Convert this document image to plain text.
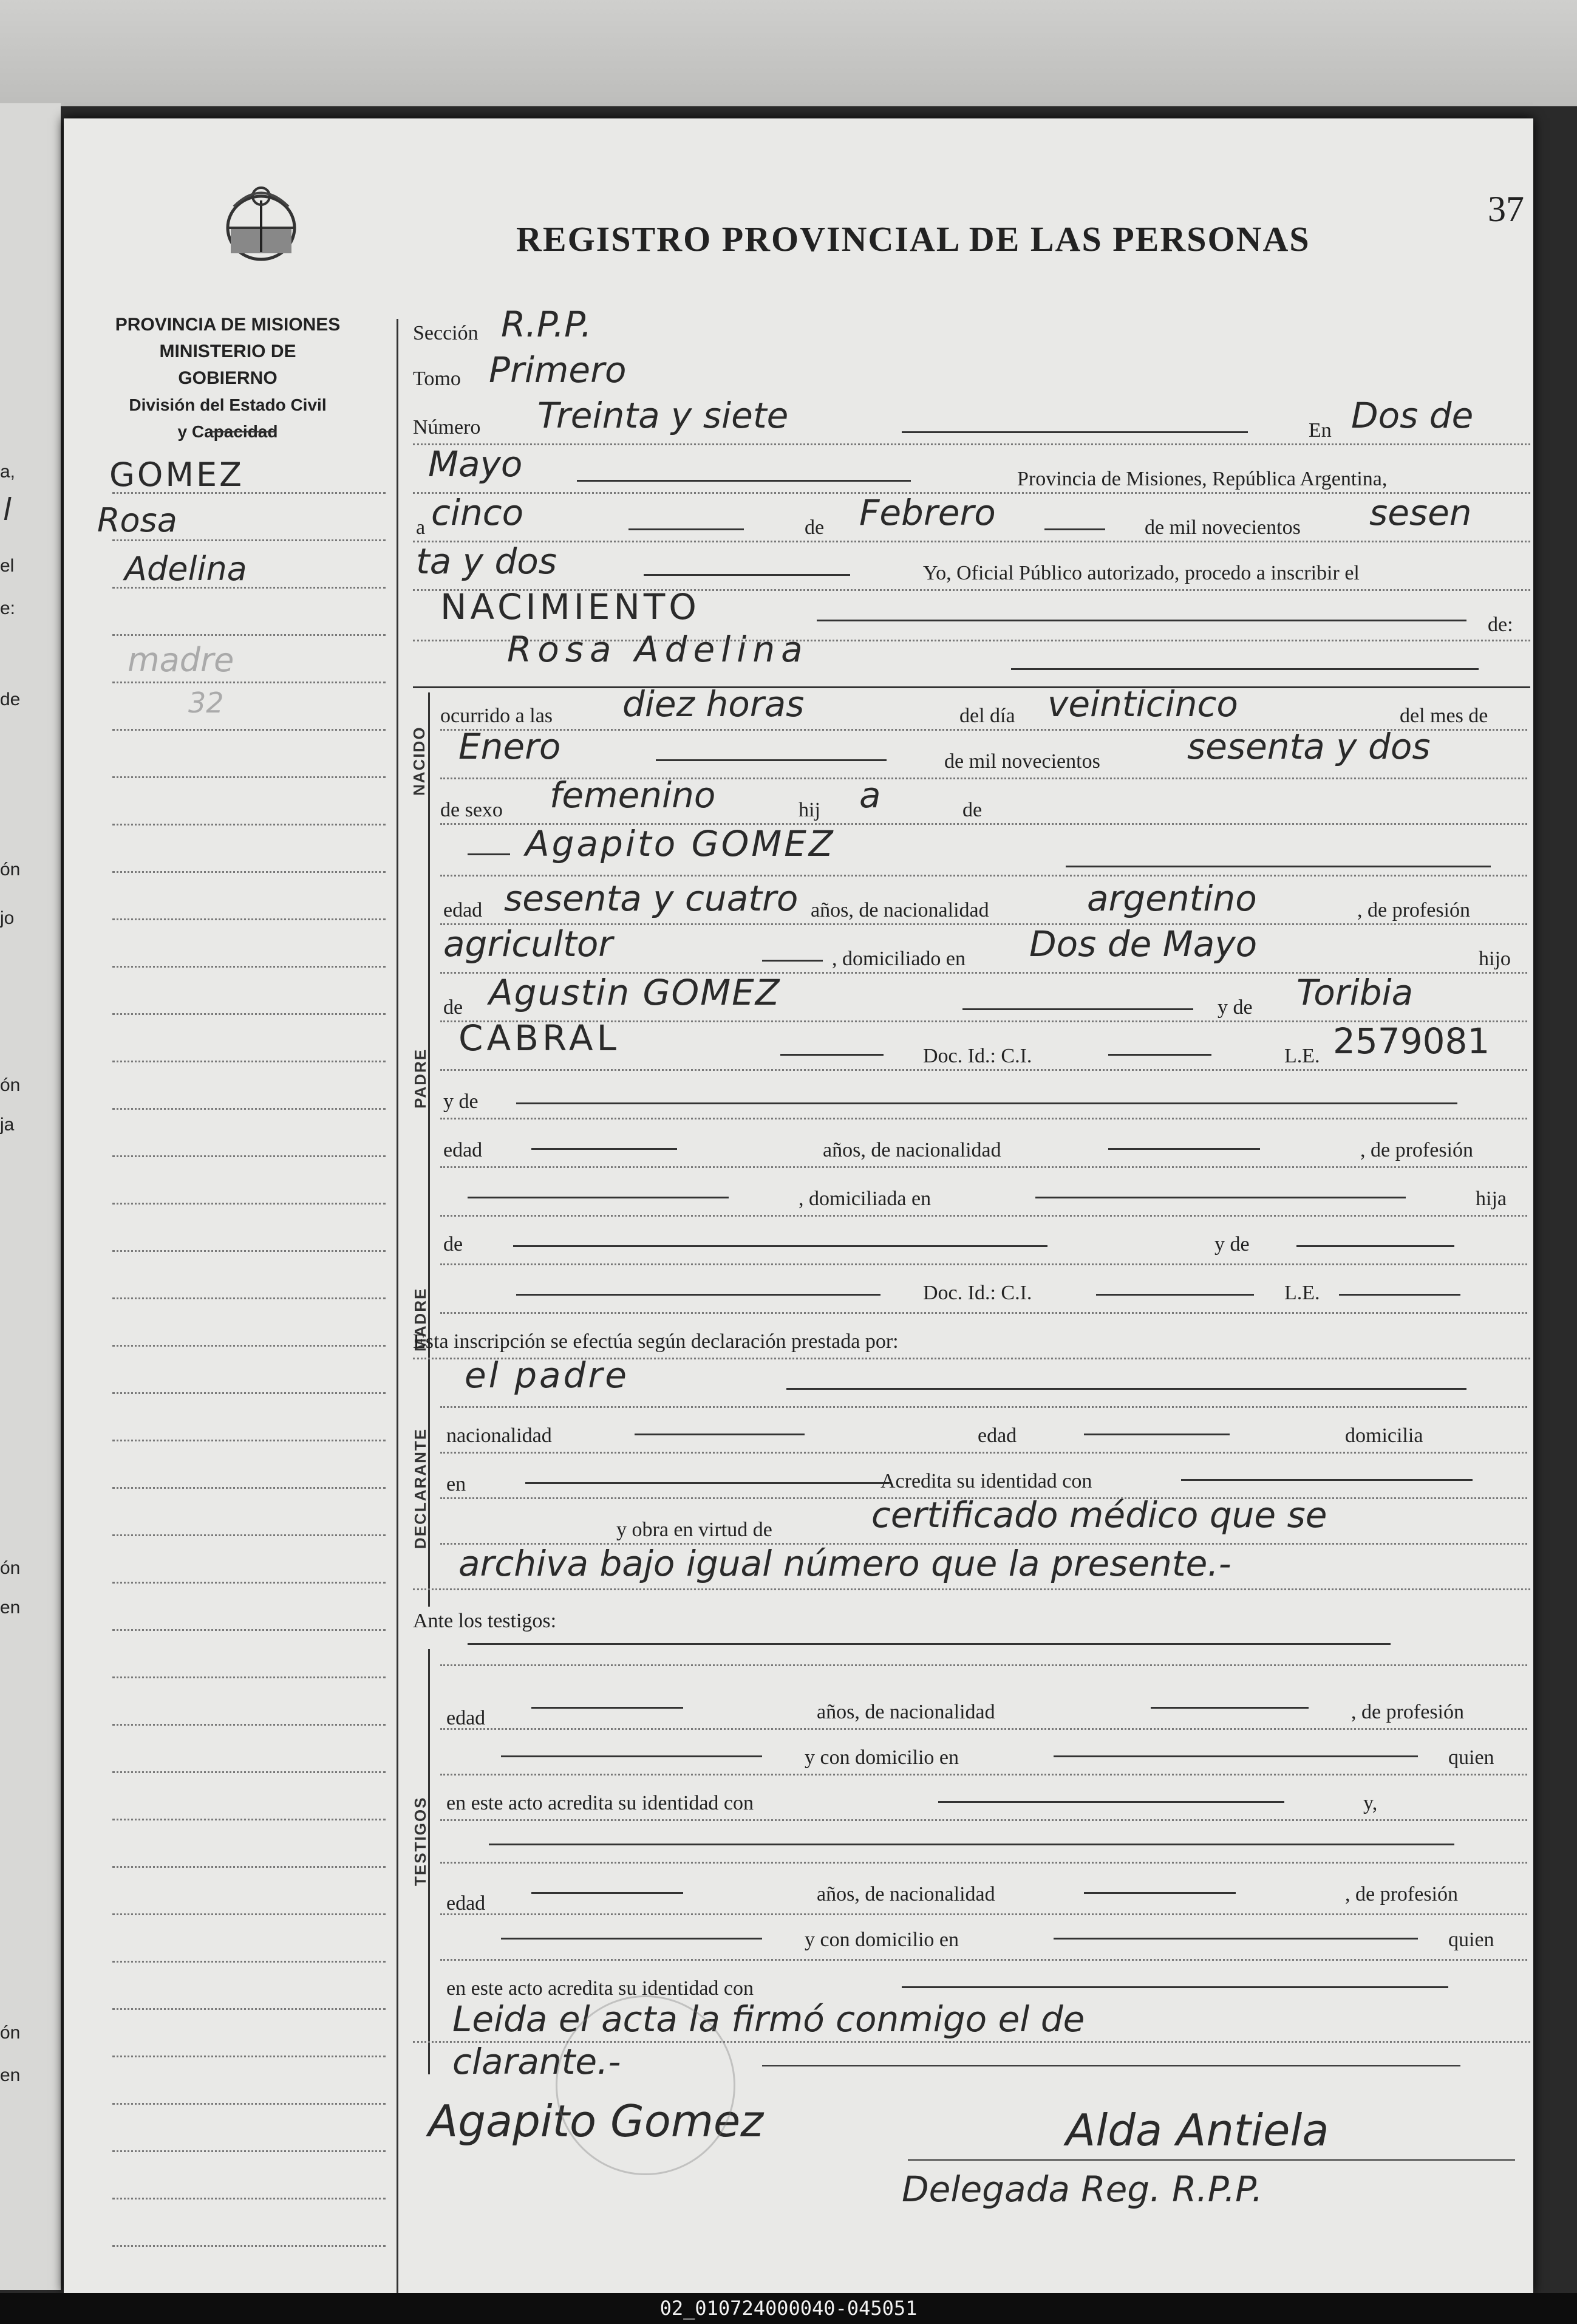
a,
l
el
e:
de
ón
jo
ón
ja
ón
en
ón
en
37
REGISTRO PROVINCIAL DE LAS PERSONAS
PROVINCIA DE MISIONES
MINISTERIO DE GOBIERNO
División del Estado Civil
y Capacidad
GOMEZ
Rosa
Adelina
madre
32
Sección R.P.P.
Tomo Primero
Número Treinta y siete	En Dos de
Mayo	Provincia de Misiones, República Argentina,
a cinco	de Febrero	de mil novecientos sesen
ta y dos	Yo, Oficial Público autorizado, procedo a inscribir el
NACIMIENTO	de:
Rosa Adelina
NACIDO
ocurrido a las diez horas	del día veinticinco	del mes de
Enero	de mil novecientos sesenta y dos
de sexo femenino	hij a	de
PADRE
Agapito GOMEZ
edad sesenta y cuatro años, de nacionalidad	argentino	, de profesión
agricultor	, domiciliado en Dos de Mayo	hijo
de Agustin GOMEZ	y de Toribia
CABRAL	Doc. Id.: C.I.	L.E. 2579081
MADRE
y de
edad	años, de nacionalidad	, de profesión
, domiciliada en	hija
de	y de
Doc. Id.: C.I.	L.E.
Esta inscripción se efectúa según declaración prestada por:
DECLARANTE
el padre
nacionalidad	edad	domicilia
en	Acredita su identidad con
y obra en virtud de	certificado médico que se
archiva bajo igual número que la presente.-
Ante los testigos:
TESTIGOS
edad	años, de nacionalidad	, de profesión
y con domicilio en	quien
en este acto acredita su identidad con	y,
edad	años, de nacionalidad	, de profesión
y con domicilio en	quien
en este acto acredita su identidad con
Leida el acta la firmó conmigo el de
clarante.-
Agapito Gomez	Alda Antiela
Delegada Reg. R.P.P.
02_010724000040-045051
